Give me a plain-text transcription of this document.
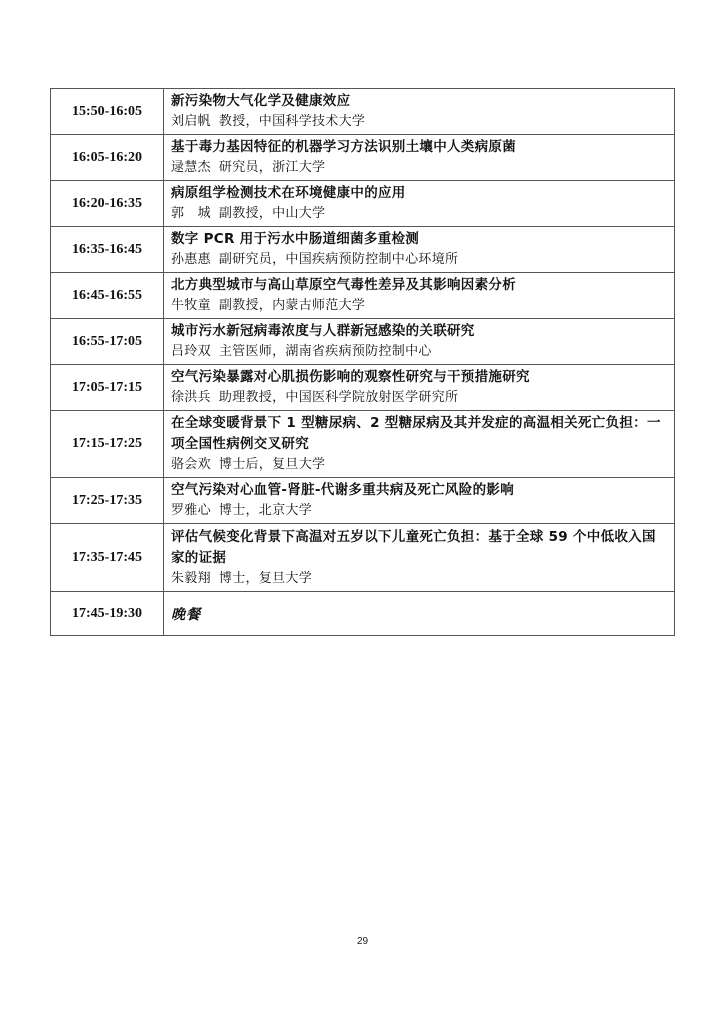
15:50-16:05	新污染物大气化学及健康效应
刘启帆 教授，中国科学技术大学

16:05-16:20	基于毒力基因特征的机器学习方法识别土壤中人类病原菌
逯慧杰 研究员，浙江大学

16:20-16:35	病原组学检测技术在环境健康中的应用
郭　城 副教授，中山大学

16:35-16:45	数字 PCR 用于污水中肠道细菌多重检测
孙惠惠 副研究员，中国疾病预防控制中心环境所

16:45-16:55	北方典型城市与高山草原空气毒性差异及其影响因素分析
牛牧童 副教授，内蒙古师范大学

16:55-17:05	城市污水新冠病毒浓度与人群新冠感染的关联研究
吕玲双 主管医师，湖南省疾病预防控制中心

17:05-17:15	空气污染暴露对心肌损伤影响的观察性研究与干预措施研究
徐洪兵 助理教授，中国医科学院放射医学研究所

17:15-17:25	在全球变暖背景下 1 型糖尿病、2 型糖尿病及其并发症的高温相关死亡负担：一项全国性病例交叉研究
骆会欢 博士后，复旦大学

17:25-17:35	空气污染对心血管-肾脏-代谢多重共病及死亡风险的影响
罗雅心 博士，北京大学

17:35-17:45	评估气候变化背景下高温对五岁以下儿童死亡负担：基于全球 59 个中低收入国家的证据
朱毅翔 博士，复旦大学

17:45-19:30	晚餐
29
